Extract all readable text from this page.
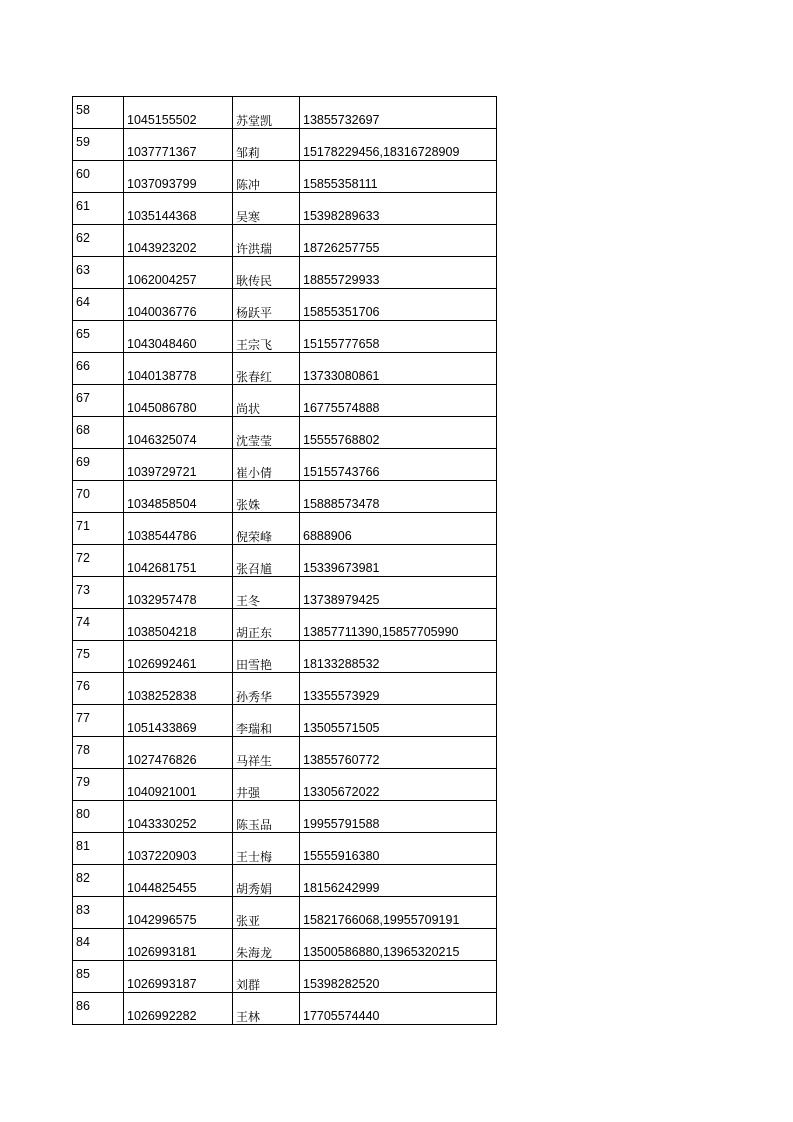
58	1045155502	苏堂凯	13855732697
59	1037771367	邹莉	15178229456,18316728909
60	1037093799	陈冲	15855358111
61	1035144368	吴寒	15398289633
62	1043923202	许洪瑞	18726257755
63	1062004257	耿传民	18855729933
64	1040036776	杨跃平	15855351706
65	1043048460	王宗飞	15155777658
66	1040138778	张春红	13733080861
67	1045086780	尚状	16775574888
68	1046325074	沈莹莹	15555768802
69	1039729721	崔小倩	15155743766
70	1034858504	张姝	15888573478
71	1038544786	倪荣峰	6888906
72	1042681751	张召馗	15339673981
73	1032957478	王冬	13738979425
74	1038504218	胡正东	13857711390,15857705990
75	1026992461	田雪艳	18133288532
76	1038252838	孙秀华	13355573929
77	1051433869	李瑞和	13505571505
78	1027476826	马祥生	13855760772
79	1040921001	井强	13305672022
80	1043330252	陈玉品	19955791588
81	1037220903	王士梅	15555916380
82	1044825455	胡秀娟	18156242999
83	1042996575	张亚	15821766068,19955709191
84	1026993181	朱海龙	13500586880,13965320215
85	1026993187	刘群	15398282520
86	1026992282	王林	17705574440
